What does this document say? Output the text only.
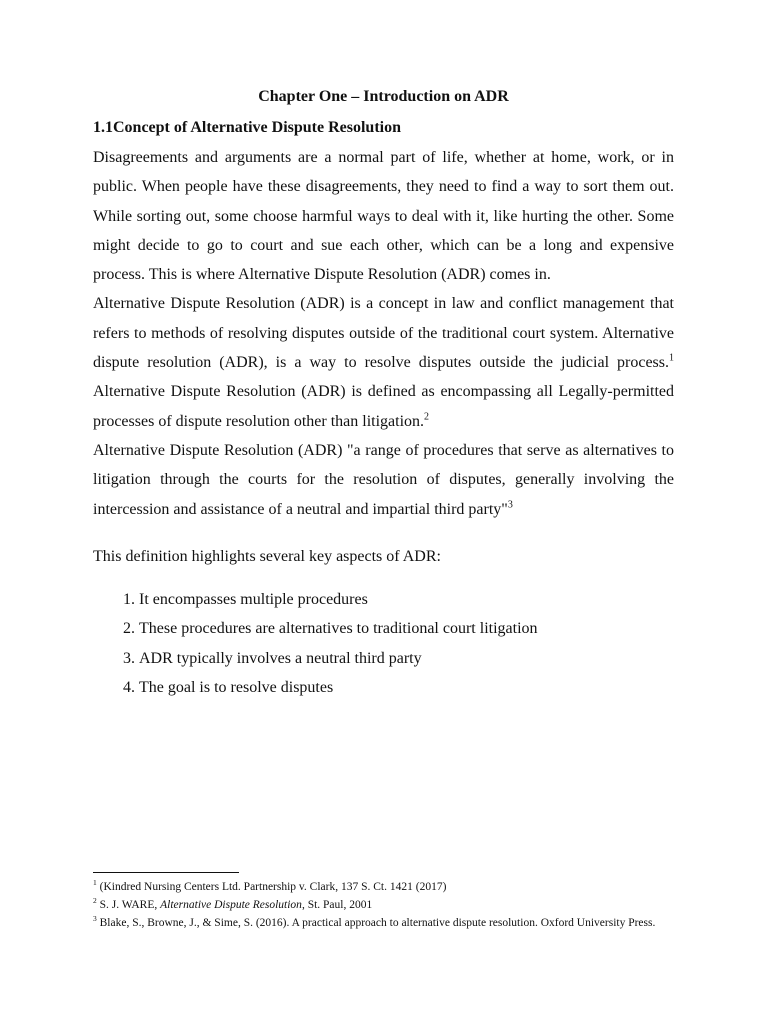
Chapter One – Introduction on ADR
1.1Concept of Alternative Dispute Resolution

Disagreements and arguments are a normal part of life, whether at home, work, or in public. When people have these disagreements, they need to find a way to sort them out. While sorting out, some choose harmful ways to deal with it, like hurting the other. Some might decide to go to court and sue each other, which can be a long and expensive process. This is where Alternative Dispute Resolution (ADR) comes in.

Alternative Dispute Resolution (ADR) is a concept in law and conflict management that refers to methods of resolving disputes outside of the traditional court system. Alternative dispute resolution (ADR), is a way to resolve disputes outside the judicial process.$^1$ Alternative Dispute Resolution (ADR) is defined as encompassing all Legally-permitted processes of dispute resolution other than litigation.$^2$

Alternative Dispute Resolution (ADR) "a range of procedures that serve as alternatives to litigation through the courts for the resolution of disputes, generally involving the intercession and assistance of a neutral and impartial third party"$^3$

This definition highlights several key aspects of ADR:

1. It encompasses multiple procedures
2. These procedures are alternatives to traditional court litigation
3. ADR typically involves a neutral third party
4. The goal is to resolve disputes

$^1$ (Kindred Nursing Centers Ltd. Partnership v. Clark, 137 S. Ct. 1421 (2017)

$^2$ S. J. WARE, Alternative Dispute Resolution, St. Paul, 2001

$^3$ Blake, S., Browne, J., & Sime, S. (2016). A practical approach to alternative dispute resolution. Oxford University Press.
